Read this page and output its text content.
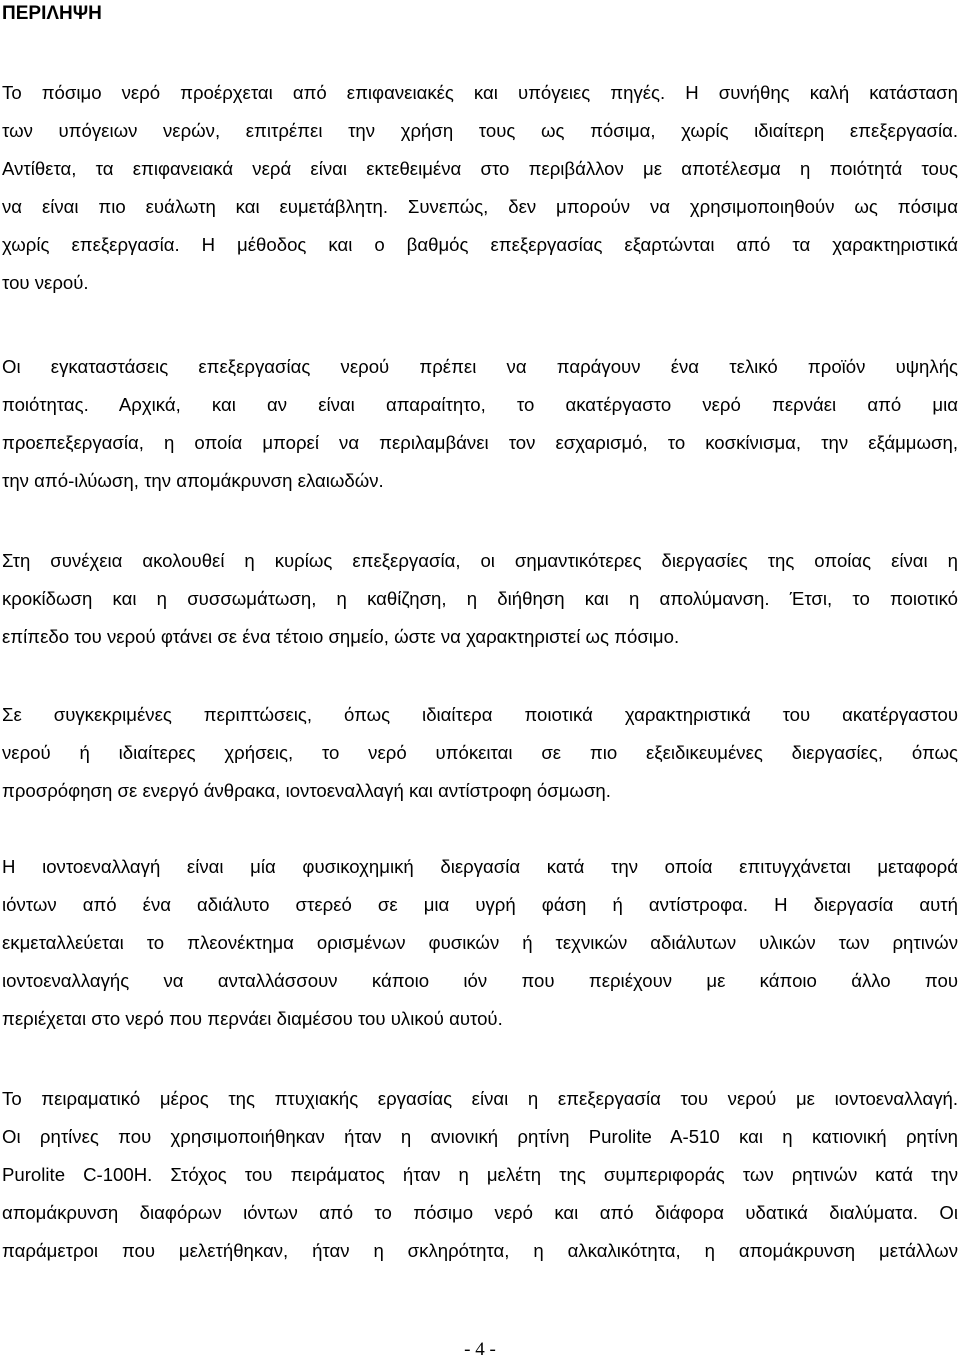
ΠΕΡΙΛΗΨΗ

Το πόσιμο νερό προέρχεται από επιφανειακές και υπόγειες πηγές. Η συνήθης καλή κατάσταση
των υπόγειων νερών, επιτρέπει την χρήση τους ως πόσιμα, χωρίς ιδιαίτερη επεξεργασία.
Αντίθετα, τα επιφανειακά νερά είναι εκτεθειμένα στο περιβάλλον με αποτέλεσμα η ποιότητά τους
να είναι πιο ευάλωτη και ευμετάβλητη. Συνεπώς, δεν μπορούν να χρησιμοποιηθούν ως πόσιμα
χωρίς επεξεργασία. Η μέθοδος και ο βαθμός επεξεργασίας εξαρτώνται από τα χαρακτηριστικά
του νερού.

Οι εγκαταστάσεις επεξεργασίας νερού πρέπει να παράγουν ένα τελικό προϊόν υψηλής
ποιότητας. Αρχικά, και αν είναι απαραίτητο, το ακατέργαστο νερό περνάει από μια
προεπεξεργασία, η οποία μπορεί να περιλαμβάνει τον εσχαρισμό, το κοσκίνισμα, την εξάμμωση,
την από-ιλύωση, την απομάκρυνση ελαιωδών.

Στη συνέχεια ακολουθεί η κυρίως επεξεργασία, οι σημαντικότερες διεργασίες της οποίας είναι η
κροκίδωση και η συσσωμάτωση, η καθίζηση, η διήθηση και η απολύμανση. Έτσι, το ποιοτικό
επίπεδο του νερού φτάνει σε ένα τέτοιο σημείο, ώστε να χαρακτηριστεί ως πόσιμο.

Σε συγκεκριμένες περιπτώσεις, όπως ιδιαίτερα ποιοτικά χαρακτηριστικά του ακατέργαστου
νερού ή ιδιαίτερες χρήσεις, το νερό υπόκειται σε πιο εξειδικευμένες διεργασίες, όπως
προσρόφηση σε ενεργό άνθρακα, ιοντοεναλλαγή και αντίστροφη όσμωση.

Η ιοντοεναλλαγή είναι μία φυσικοχημική διεργασία κατά την οποία επιτυγχάνεται μεταφορά
ιόντων από ένα αδιάλυτο στερεό σε μια υγρή φάση ή αντίστροφα. Η διεργασία αυτή
εκμεταλλεύεται το πλεονέκτημα ορισμένων φυσικών ή τεχνικών αδιάλυτων υλικών των ρητινών
ιοντοεναλλαγής να ανταλλάσσουν κάποιο ιόν που περιέχουν με κάποιο άλλο που
περιέχεται στο νερό που περνάει διαμέσου του υλικού αυτού.

Το πειραματικό μέρος της πτυχιακής εργασίας είναι η επεξεργασία του νερού με ιοντοεναλλαγή.
Οι ρητίνες που χρησιμοποιήθηκαν ήταν η ανιονική ρητίνη Purolite A-510 και η κατιονική ρητίνη
Purolite C-100H. Στόχος του πειράματος ήταν η μελέτη της συμπεριφοράς των ρητινών κατά την
απομάκρυνση διαφόρων ιόντων από το πόσιμο νερό και από διάφορα υδατικά διαλύματα. Οι
παράμετροι που μελετήθηκαν, ήταν η σκληρότητα, η αλκαλικότητα, η απομάκρυνση μετάλλων

- 4 -
